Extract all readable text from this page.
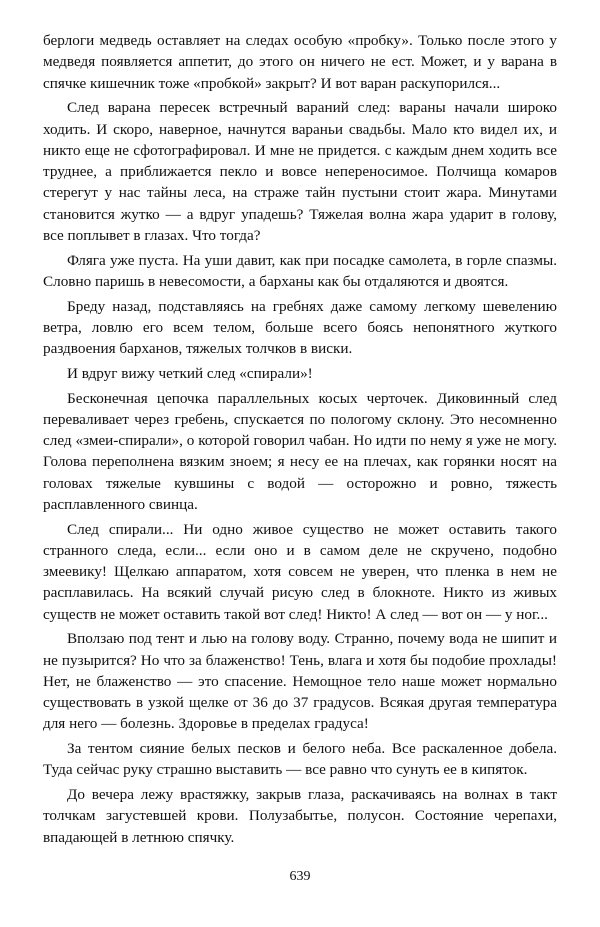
берлоги медведь оставляет на следах особую «пробку». Только после этого у медведя появляется аппетит, до этого он ничего не ест. Может, и у варана в спячке кишечник тоже «пробкой» закрыт? И вот варан раскупорился...

След варана пересек встречный вараний след: вараны начали широко ходить. И скоро, наверное, начнутся вараньи свадьбы. Мало кто видел их, и никто еще не сфотографировал. И мне не придется. с каждым днем ходить все труднее, а приближается пекло и вовсе непереносимое. Полчища комаров стерегут у нас тайны леса, на страже тайн пустыни стоит жара. Минутами становится жутко — а вдруг упадешь? Тяжелая волна жара ударит в голову, все поплывет в глазах. Что тогда?

Фляга уже пуста. На уши давит, как при посадке самолета, в горле спазмы. Словно паришь в невесомости, а барханы как бы отдаляются и двоятся.

Бреду назад, подставляясь на гребнях даже самому легкому шевелению ветра, ловлю его всем телом, больше всего боясь непонятного жуткого раздвоения барханов, тяжелых толчков в виски.

И вдруг вижу четкий след «спирали»!

Бесконечная цепочка параллельных косых черточек. Диковинный след переваливает через гребень, спускается по пологому склону. Это несомненно след «змеи-спирали», о которой говорил чабан. Но идти по нему я уже не могу. Голова переполнена вязким зноем; я несу ее на плечах, как горянки носят на головах тяжелые кувшины с водой — осторожно и ровно, тяжесть расплавленного свинца.

След спирали... Ни одно живое существо не может оставить такого странного следа, если... если оно и в самом деле не скручено, подобно змеевику! Щелкаю аппаратом, хотя совсем не уверен, что пленка в нем не расплавилась. На всякий случай рисую след в блокноте. Никто из живых существ не может оставить такой вот след! Никто! А след — вот он — у ног...

Вползаю под тент и лью на голову воду. Странно, почему вода не шипит и не пузырится? Но что за блаженство! Тень, влага и хотя бы подобие прохлады! Нет, не блаженство — это спасение. Немощное тело наше может нормально существовать в узкой щелке от 36 до 37 градусов. Всякая другая температура для него — болезнь. Здоровье в пределах градуса!

За тентом сияние белых песков и белого неба. Все раскаленное добела. Туда сейчас руку страшно выставить — все равно что сунуть ее в кипяток.

До вечера лежу врастяжку, закрыв глаза, раскачиваясь на волнах в такт толчкам загустевшей крови. Полузабытье, полусон. Состояние черепахи, впадающей в летнюю спячку.

639
